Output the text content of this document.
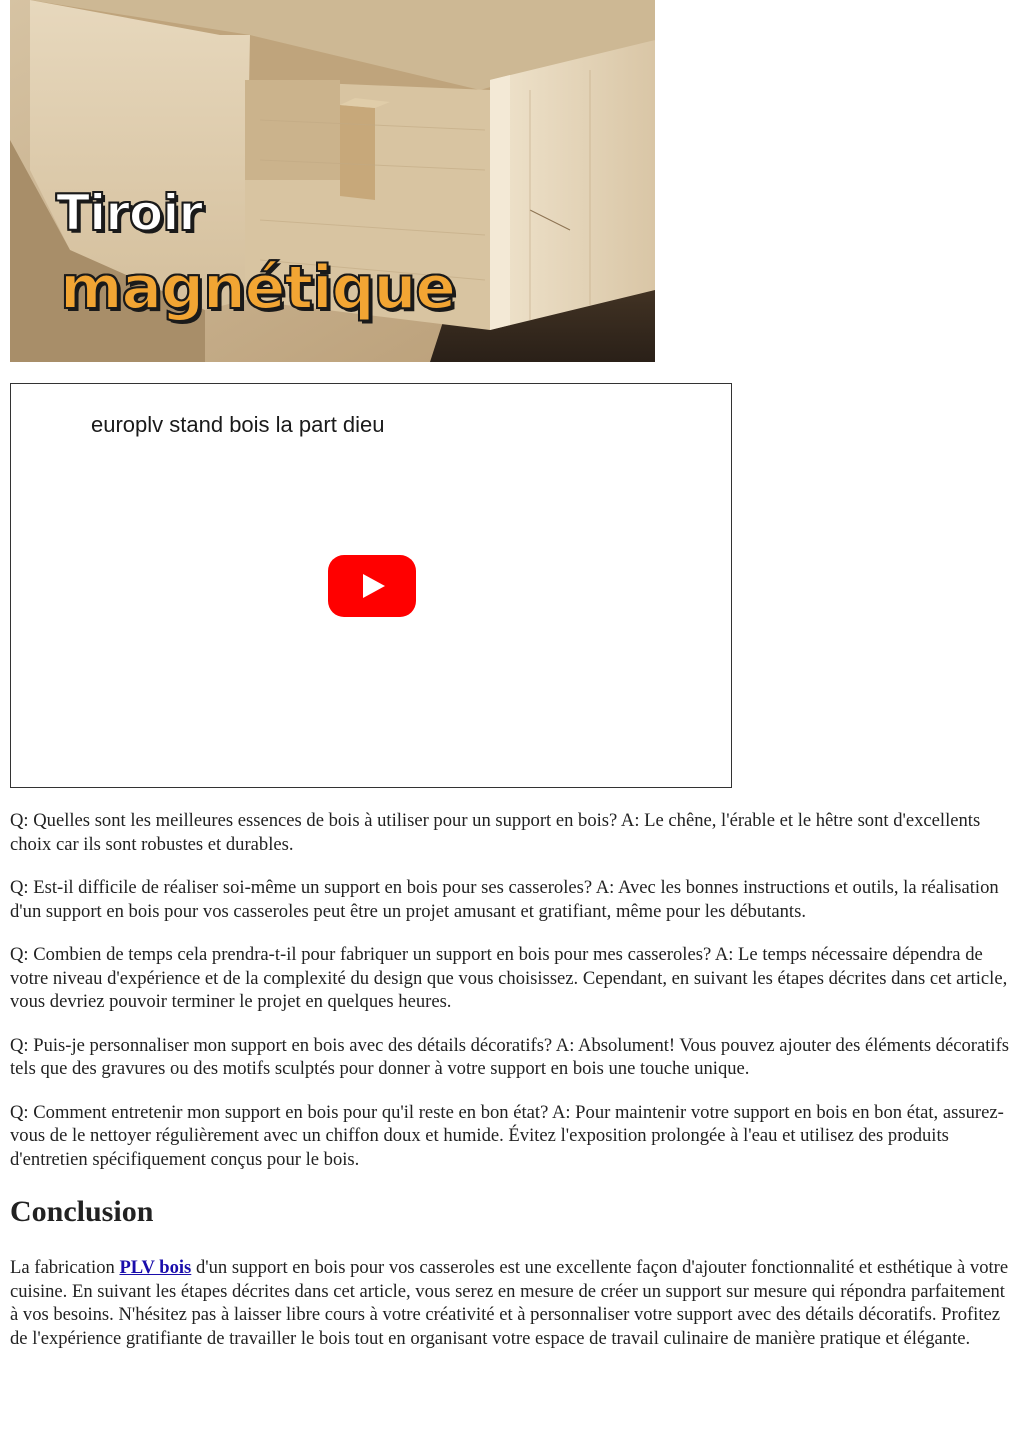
Tiroir
magnétique
europlv stand bois la part dieu

Q: Quelles sont les meilleures essences de bois à utiliser pour un support en bois? A: Le chêne, l'érable et le hêtre sont d'excellents choix car ils sont robustes et durables.

Q: Est-il difficile de réaliser soi-même un support en bois pour ses casseroles? A: Avec les bonnes instructions et outils, la réalisation d'un support en bois pour vos casseroles peut être un projet amusant et gratifiant, même pour les débutants.

Q: Combien de temps cela prendra-t-il pour fabriquer un support en bois pour mes casseroles? A: Le temps nécessaire dépendra de votre niveau d'expérience et de la complexité du design que vous choisissez. Cependant, en suivant les étapes décrites dans cet article, vous devriez pouvoir terminer le projet en quelques heures.

Q: Puis-je personnaliser mon support en bois avec des détails décoratifs? A: Absolument! Vous pouvez ajouter des éléments décoratifs tels que des gravures ou des motifs sculptés pour donner à votre support en bois une touche unique.

Q: Comment entretenir mon support en bois pour qu'il reste en bon état? A: Pour maintenir votre support en bois en bon état, assurez-vous de le nettoyer régulièrement avec un chiffon doux et humide. Évitez l'exposition prolongée à l'eau et utilisez des produits d'entretien spécifiquement conçus pour le bois.

Conclusion

La fabrication PLV bois d'un support en bois pour vos casseroles est une excellente façon d'ajouter fonctionnalité et esthétique à votre cuisine. En suivant les étapes décrites dans cet article, vous serez en mesure de créer un support sur mesure qui répondra parfaitement à vos besoins. N'hésitez pas à laisser libre cours à votre créativité et à personnaliser votre support avec des détails décoratifs. Profitez de l'expérience gratifiante de travailler le bois tout en organisant votre espace de travail culinaire de manière pratique et élégante.
